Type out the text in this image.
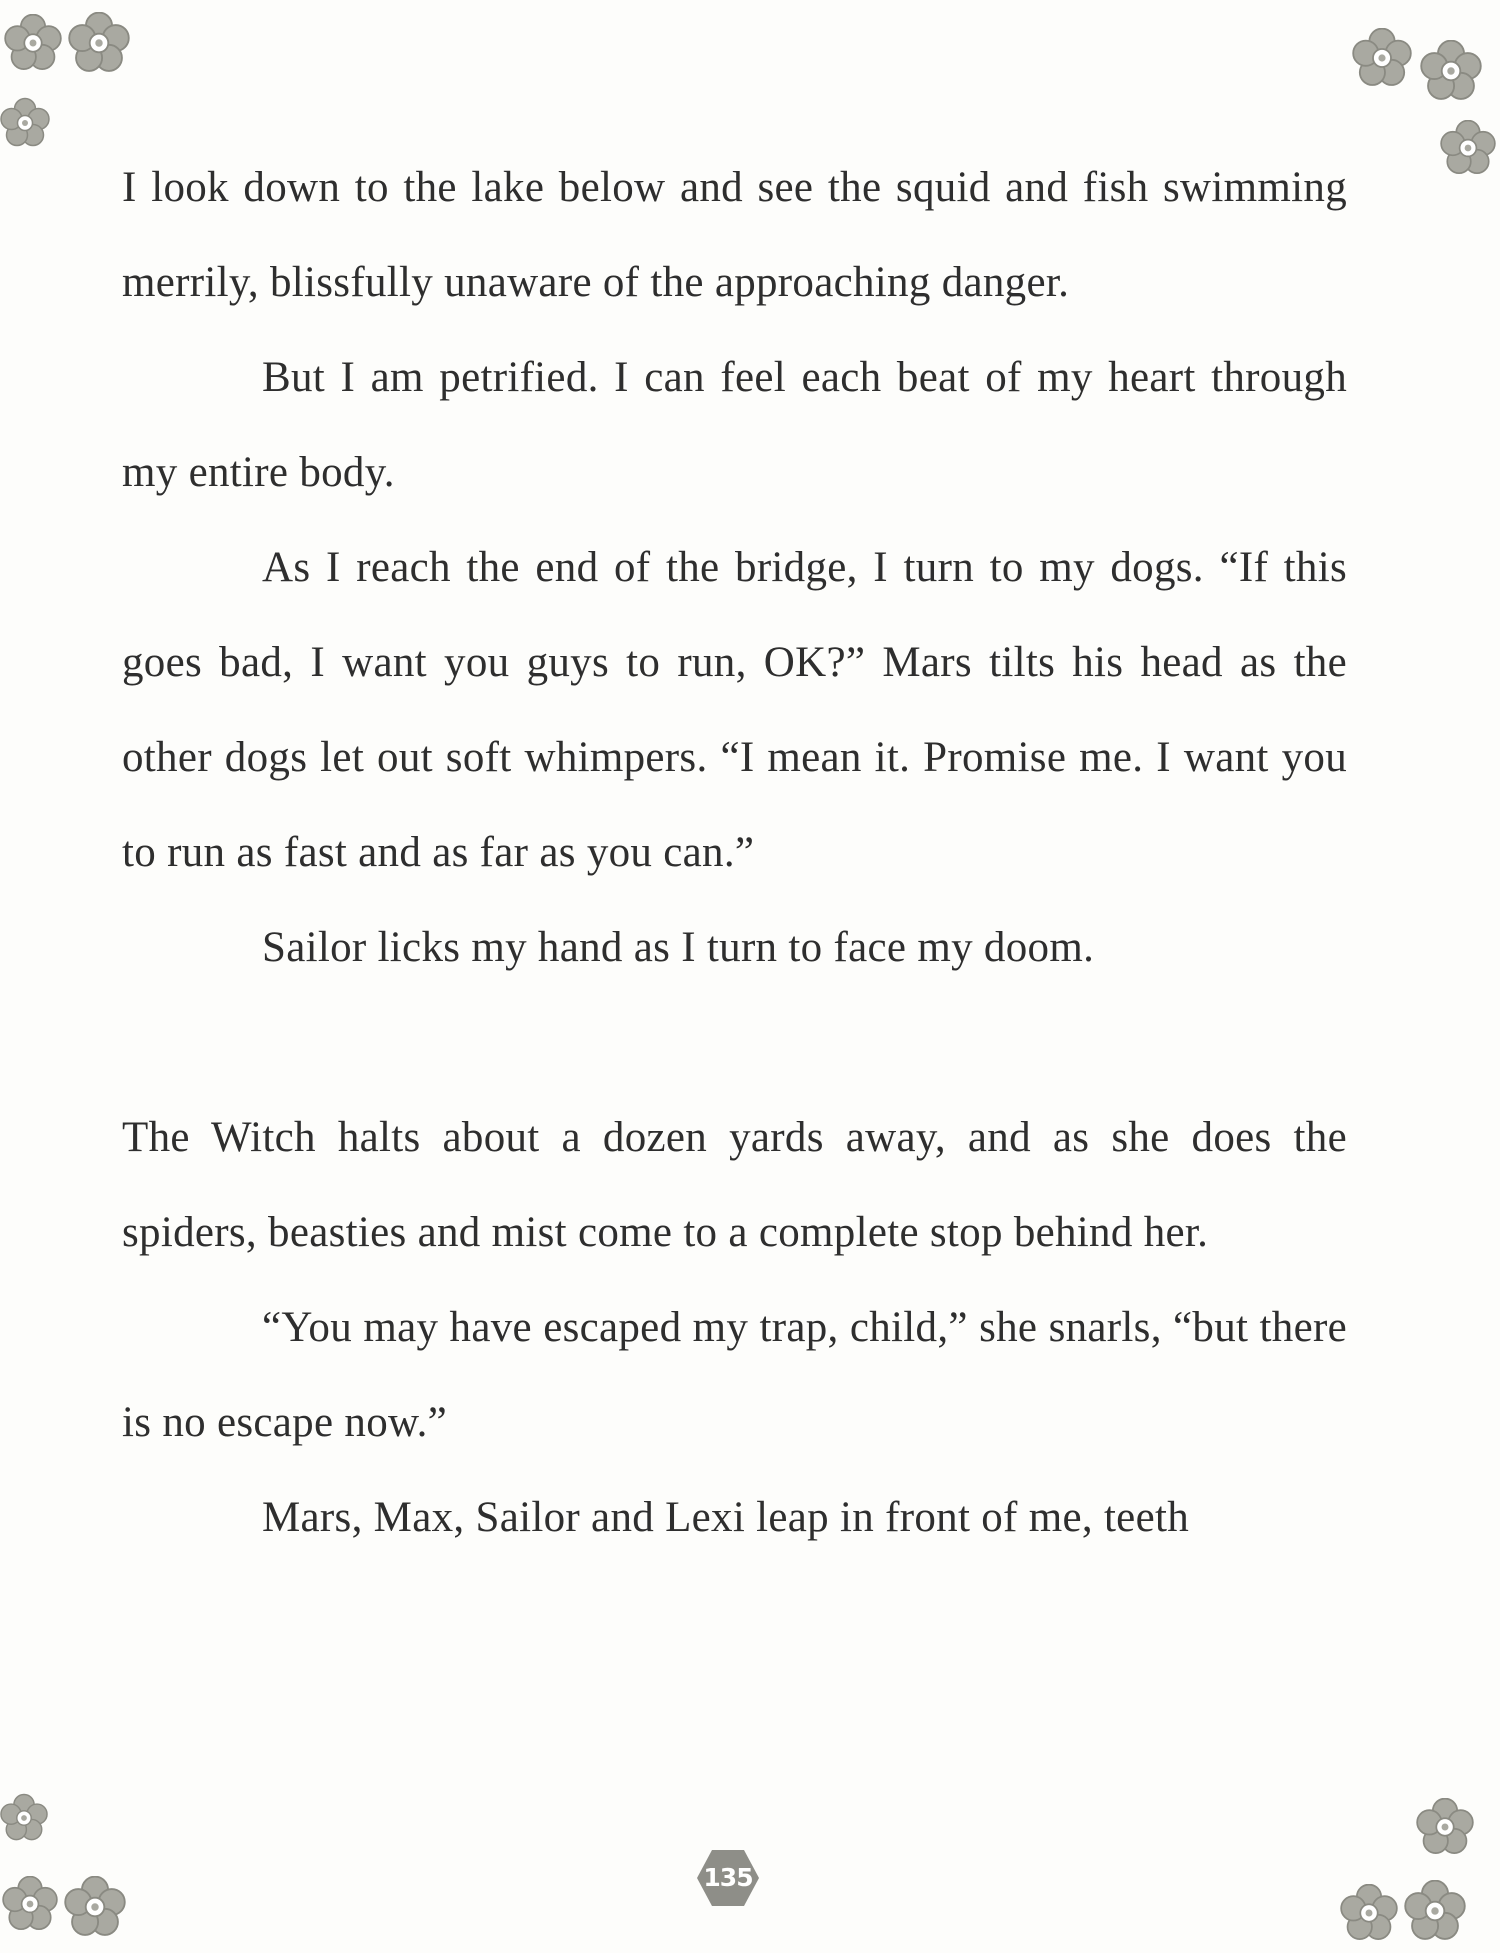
I look down to the lake below and see the squid and fish swimming merrily, blissfully unaware of the approaching danger.

But I am petrified. I can feel each beat of my heart through my entire body.

As I reach the end of the bridge, I turn to my dogs. “If this goes bad, I want you guys to run, OK?” Mars tilts his head as the other dogs let out soft whimpers. “I mean it. Promise me. I want you to run as fast and as far as you can.”

Sailor licks my hand as I turn to face my doom.

The Witch halts about a dozen yards away, and as she does the spiders, beasties and mist come to a complete stop behind her.

“You may have escaped my trap, child,” she snarls, “but there is no escape now.”

Mars, Max, Sailor and Lexi leap in front of me, teeth

135
